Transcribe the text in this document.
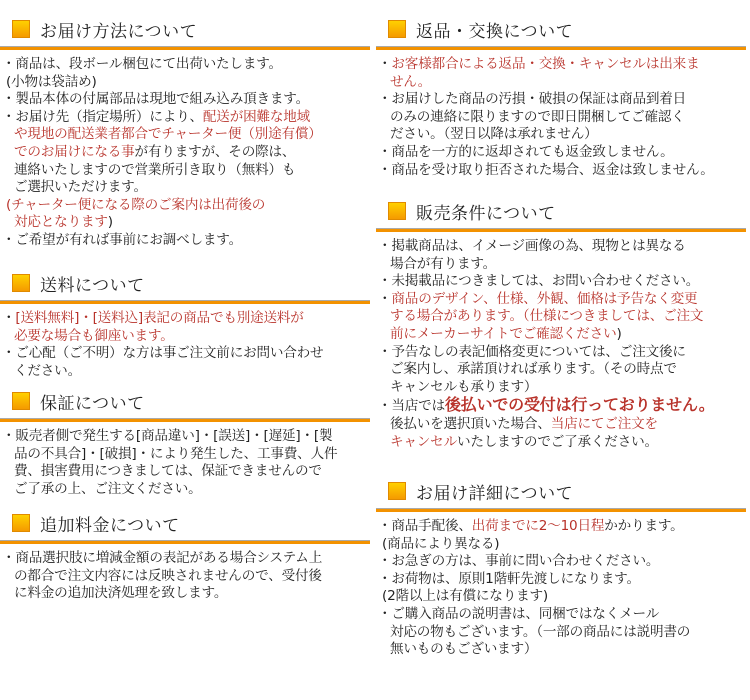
お届け方法について
・商品は、段ボール梱包にて出荷いたします。
(小物は袋詰め)
・製品本体の付属部品は現地で組み込み頂きます。
・お届け先（指定場所）により、配送が困難な地域
や現地の配送業者都合でチャーター便（別途有償）
でのお届けになる事が有りますが、その際は、
連絡いたしますので営業所引き取り（無料）も
ご選択いただけます。
(チャーター便になる際のご案内は出荷後の
対応となります)
・ご希望が有れば事前にお調べします。
送料について
・[送料無料]・[送料込]表記の商品でも別途送料が
必要な場合も御座います。
・ご心配（ご不明）な方は事ご注文前にお問い合わせ
ください。
保証について
・販売者側で発生する[商品違い]・[誤送]・[遅延]・[製
品の不具合]・[破損]・により発生した、工事費、人件
費、損害費用につきましては、保証できませんので
ご了承の上、ご注文ください。
追加料金について
・商品選択肢に増減金額の表記がある場合システム上
の都合で注文内容には反映されませんので、受付後
に料金の追加決済処理を致します。
返品・交換について
・お客様都合による返品・交換・キャンセルは出来ま
せん。
・お届けした商品の汚損・破損の保証は商品到着日
のみの連絡に限りますので即日開梱してご確認く
ださい。（翌日以降は承れません）
・商品を一方的に返却されても返金致しません。
・商品を受け取り拒否された場合、返金は致しません。
販売条件について
・掲載商品は、イメージ画像の為、現物とは異なる
場合が有ります。
・未掲載品につきましては、お問い合わせください。
・商品のデザイン、仕様、外観、価格は予告なく変更
する場合があります。（仕様につきましては、ご注文
前にメーカーサイトでご確認ください)
・予告なしの表記価格変更については、ご注文後に
ご案内し、承諾頂ければ承ります。（その時点で
キャンセルも承ります）
・当店では後払いでの受付は行っておりません。
後払いを選択頂いた場合、当店にてご注文を
キャンセルいたしますのでご了承ください。
お届け詳細について
・商品手配後、出荷までに2〜10日程かかります。
(商品により異なる)
・お急ぎの方は、事前に問い合わせください。
・お荷物は、原則1階軒先渡しになります。
(2階以上は有償になります)
・ご購入商品の説明書は、同梱ではなくメール
対応の物もございます。（一部の商品には説明書の
無いものもございます）
